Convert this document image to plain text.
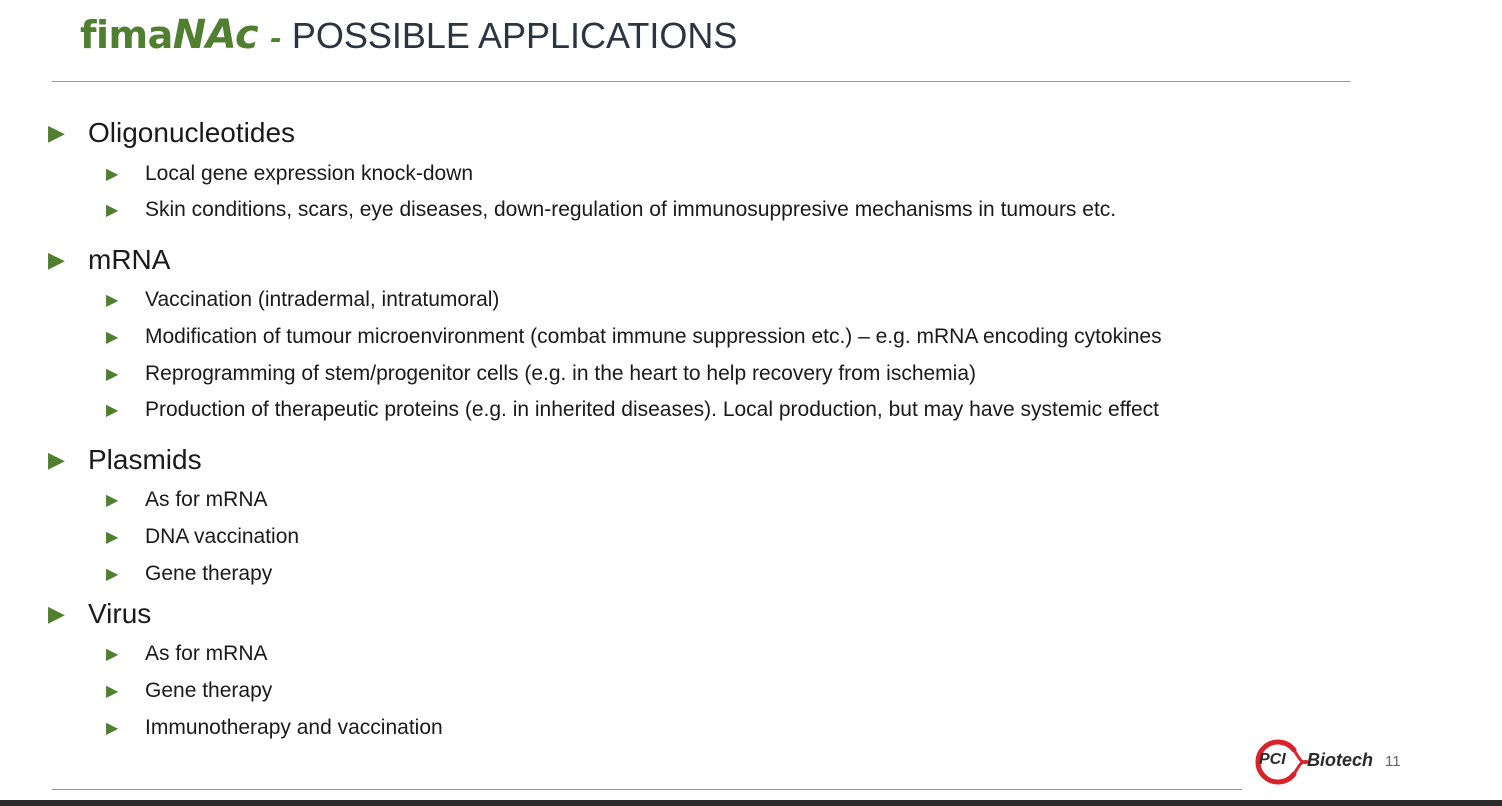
fimaNAc - POSSIBLE APPLICATIONS
▶ Oligonucleotides
▶	Local gene expression knock-down
▶	Skin conditions, scars, eye diseases, down-regulation of immunosuppresive mechanisms in tumours etc.
▶ mRNA
▶	Vaccination (intradermal, intratumoral)
▶	Modification of tumour microenvironment (combat immune suppression etc.) – e.g. mRNA encoding cytokines
▶	Reprogramming of stem/progenitor cells (e.g. in the heart to help recovery from ischemia)
▶	Production of therapeutic proteins (e.g. in inherited diseases). Local production, but may have systemic effect
▶ Plasmids
▶	As for mRNA
▶	DNA vaccination
▶	Gene therapy
▶ Virus
▶	As for mRNA
▶	Gene therapy
▶	Immunotherapy and vaccination
PCI Biotech 11
